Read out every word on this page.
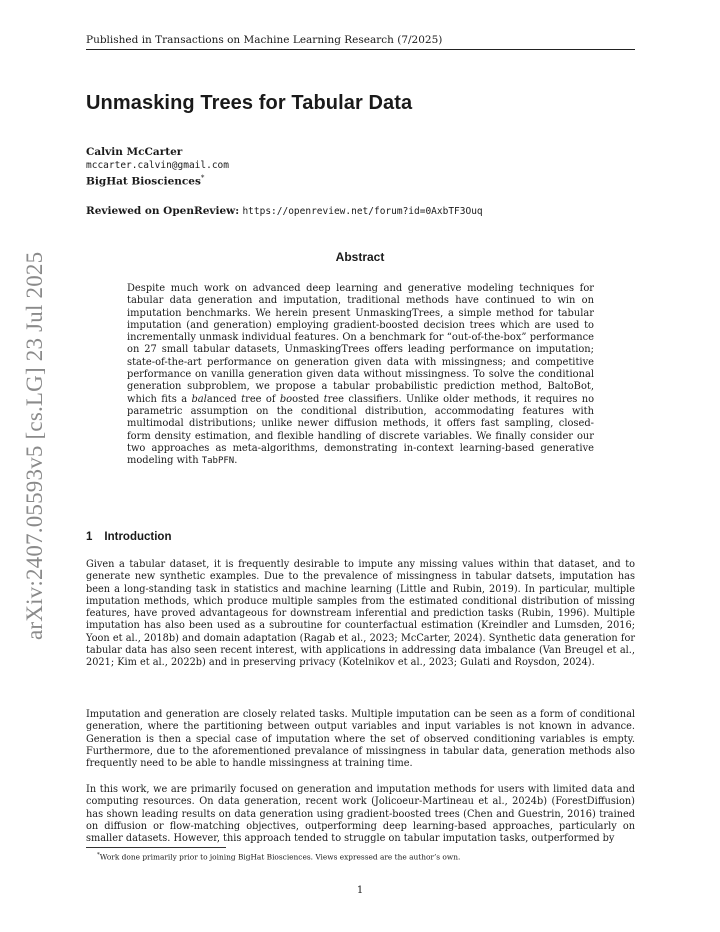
Published in Transactions on Machine Learning Research (7/2025)
arXiv:2407.05593v5 [cs.LG] 23 Jul 2025
Unmasking Trees for Tabular Data
Calvin McCarter
mccarter.calvin@gmail.com
BigHat Biosciences*
Reviewed on OpenReview: https://openreview.net/forum?id=0AxbTF3Ouq
Abstract
Despite much work on advanced deep learning and generative modeling techniques for tabular data generation and imputation, traditional methods have continued to win on imputation benchmarks. We herein present UnmaskingTrees, a simple method for tabular imputation (and generation) employing gradient-boosted decision trees which are used to incrementally unmask individual features. On a benchmark for “out-of-the-box” performance on 27 small tabular datasets, UnmaskingTrees offers leading performance on imputation; state-of-the-art performance on generation given data with missingness; and competitive performance on vanilla generation given data without missingness. To solve the conditional generation subproblem, we propose a tabular probabilistic prediction method, BaltoBot, which fits a balanced tree of boosted tree classifiers. Unlike older methods, it requires no parametric assumption on the conditional distribution, accommodating features with multimodal distributions; unlike newer diffusion methods, it offers fast sampling, closed-form density estimation, and flexible handling of discrete variables. We finally consider our two approaches as meta-algorithms, demonstrating in-context learning-based generative modeling with TabPFN.
1 Introduction
Given a tabular dataset, it is frequently desirable to impute any missing values within that dataset, and to generate new synthetic examples. Due to the prevalence of missingness in tabular datsets, imputation has been a long-standing task in statistics and machine learning (Little and Rubin, 2019). In particular, multiple imputation methods, which produce multiple samples from the estimated conditional distribution of missing features, have proved advantageous for downstream inferential and prediction tasks (Rubin, 1996). Multiple imputation has also been used as a subroutine for counterfactual estimation (Kreindler and Lumsden, 2016; Yoon et al., 2018b) and domain adaptation (Ragab et al., 2023; McCarter, 2024). Synthetic data generation for tabular data has also seen recent interest, with applications in addressing data imbalance (Van Breugel et al., 2021; Kim et al., 2022b) and in preserving privacy (Kotelnikov et al., 2023; Gulati and Roysdon, 2024).
Imputation and generation are closely related tasks. Multiple imputation can be seen as a form of conditional generation, where the partitioning between output variables and input variables is not known in advance. Generation is then a special case of imputation where the set of observed conditioning variables is empty. Furthermore, due to the aforementioned prevalance of missingness in tabular data, generation methods also frequently need to be able to handle missingness at training time.
In this work, we are primarily focused on generation and imputation methods for users with limited data and computing resources. On data generation, recent work (Jolicoeur-Martineau et al., 2024b) (ForestDiffusion) has shown leading results on data generation using gradient-boosted trees (Chen and Guestrin, 2016) trained on diffusion or flow-matching objectives, outperforming deep learning-based approaches, particularly on smaller datasets. However, this approach tended to struggle on tabular imputation tasks, outperformed by
*Work done primarily prior to joining BigHat Biosciences. Views expressed are the author’s own.
1
